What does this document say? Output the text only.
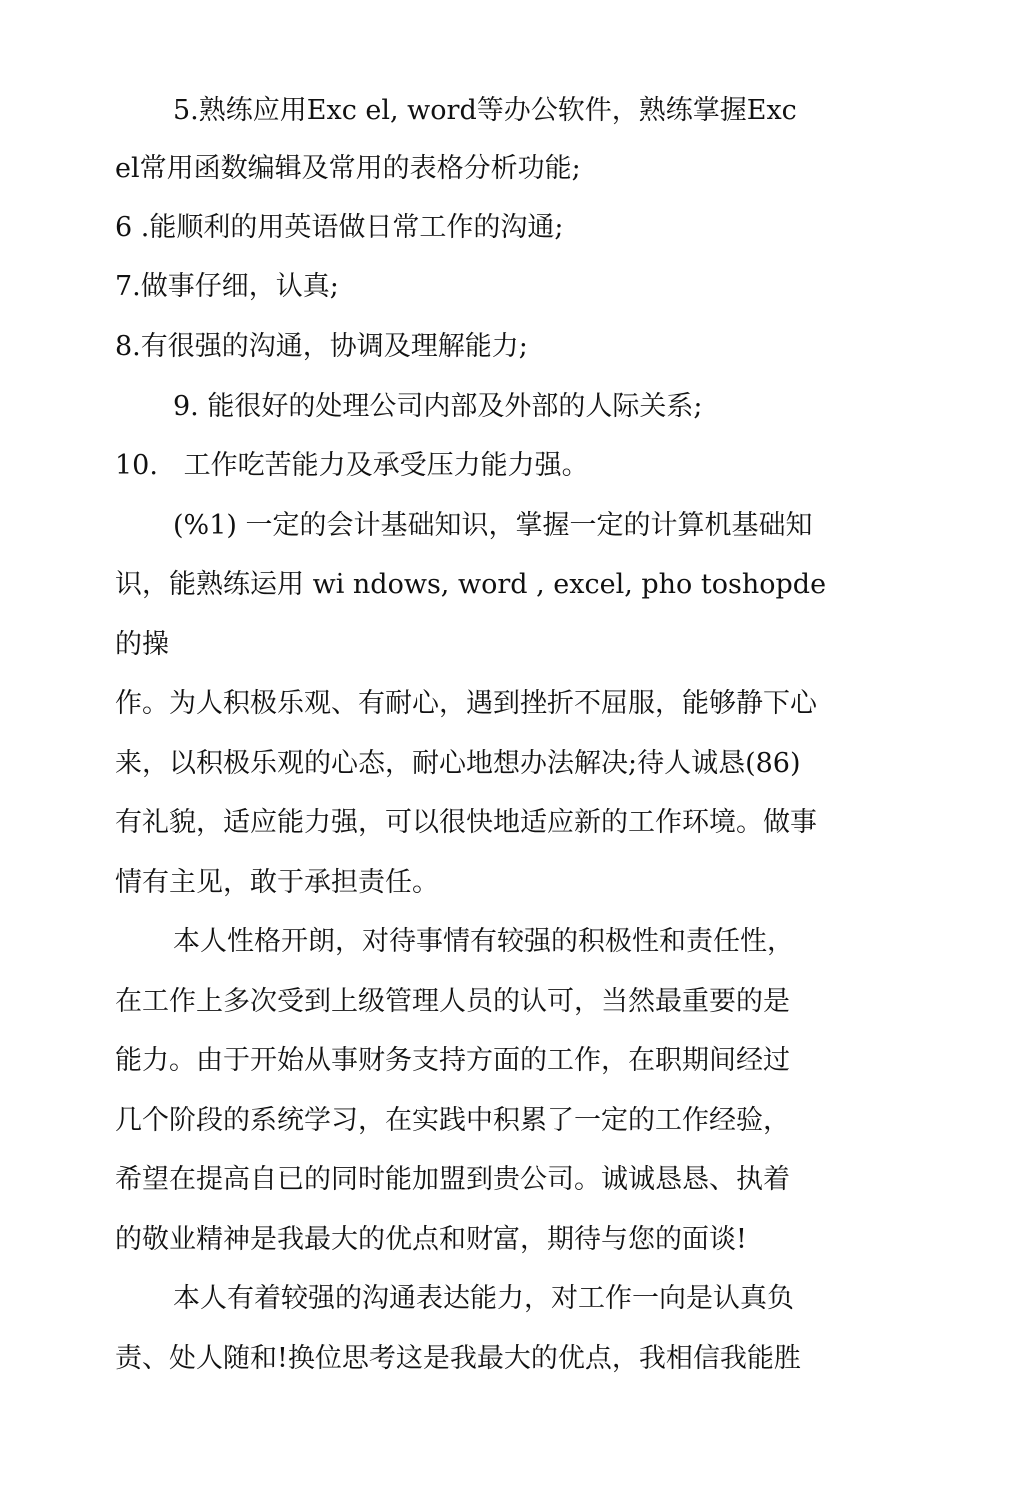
5.熟练应用Exc el, word等办公软件，熟练掌握Exc

el常用函数编辑及常用的表格分析功能;

6 .能顺利的用英语做日常工作的沟通;

7.做事仔细，认真;

8.有很强的沟通，协调及理解能力;

9. 能很好的处理公司内部及外部的人际关系;

10.   工作吃苦能力及承受压力能力强。

(%1) 一定的会计基础知识，掌握一定的计算机基础知

识，能熟练运用 wi ndows, word , excel, pho toshopde

的操

作。为人积极乐观、有耐心，遇到挫折不屈服，能够静下心

来，以积极乐观的心态，耐心地想办法解决;待人诚恳(86)

有礼貌，适应能力强，可以很快地适应新的工作环境。做事

情有主见，敢于承担责任。

本人性格开朗，对待事情有较强的积极性和责任性，

在工作上多次受到上级管理人员的认可，当然最重要的是

能力。由于开始从事财务支持方面的工作，在职期间经过

几个阶段的系统学习，在实践中积累了一定的工作经验，

希望在提高自已的同时能加盟到贵公司。诚诚恳恳、执着

的敬业精神是我最大的优点和财富，期待与您的面谈!

本人有着较强的沟通表达能力，对工作一向是认真负

责、处人随和!换位思考这是我最大的优点，我相信我能胜
